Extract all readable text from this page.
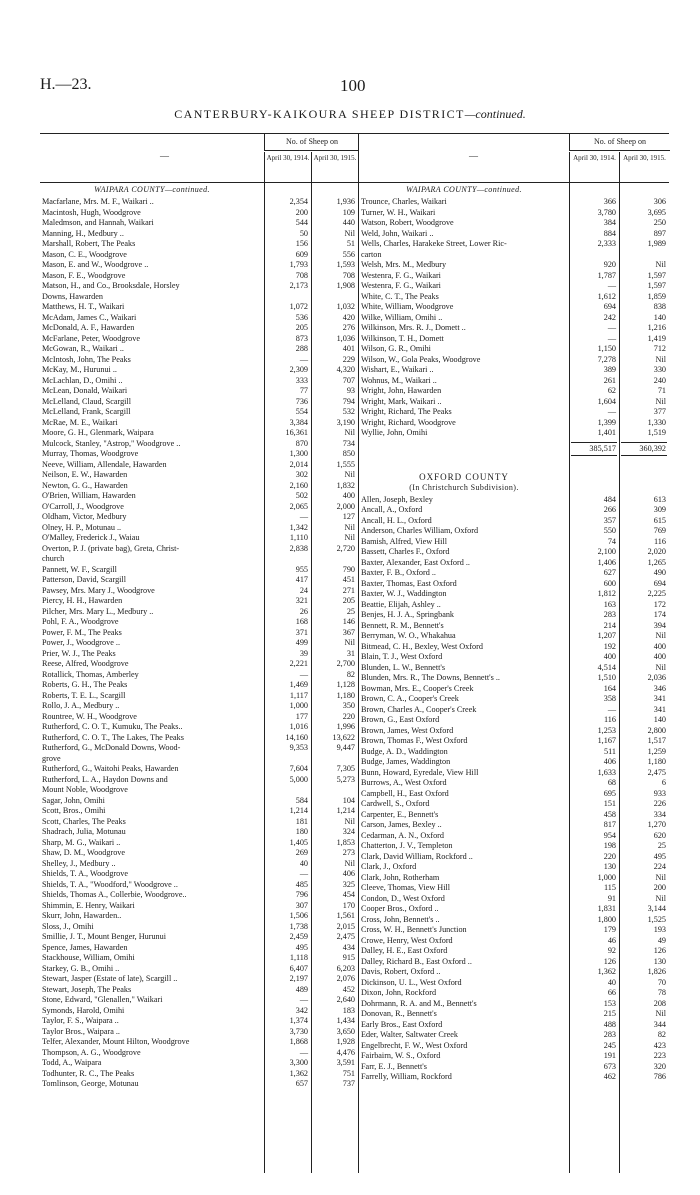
H.—23.	100
CANTERBURY-KAIKOURA SHEEP DISTRICT—continued.
—
No. of Sheep on
April 30, 1914. April 30, 1915.
WAIPARA COUNTY—continued.
Macfarlane, Mrs. M. F., Waikari ..	2,354	1,936
Macintosh, Hugh, Woodgrove	200	109
Maledmson, and Hannah, Waikari	544	440
Manning, H., Medbury ..	50	Nil
Marshall, Robert, The Peaks	156	51
Mason, C. E., Woodgrove	609	556
Mason, E. and W., Woodgrove ..	1,793	1,593
Mason, F. E., Woodgrove	708	708
Matson, H., and Co., Brooksdale, Horsley	2,173	1,908
Downs, Hawarden
Matthews, H. T., Waikari	1,072	1,032
McAdam, James C., Waikari	536	420
McDonald, A. F., Hawarden	205	276
McFarlane, Peter, Woodgrove	873	1,036
McGowan, R., Waikari ..	288	401
McIntosh, John, The Peaks	—	229
McKay, M., Hurunui ..	2,309	4,320
McLachlan, D., Omihi ..	333	707
McLean, Donald, Waikari	77	93
McLelland, Claud, Scargill	736	794
McLelland, Frank, Scargill	554	532
McRae, M. E., Waikari	3,384	3,190
Moore, G. H., Glenmark, Waipara	16,361	Nil
Mulcock, Stanley, "Astrop," Woodgrove ..	870	734
Murray, Thomas, Woodgrove	1,300	850
Neeve, William, Allendale, Hawarden	2,014	1,555
Neilson, E. W., Hawarden	302	Nil
Newton, G. G., Hawarden	2,160	1,832
O'Brien, William, Hawarden	502	400
O'Carroll, J., Woodgrove	2,065	2,000
Oldham, Victor, Medbury	—	127
Olney, H. P., Motunau ..	1,342	Nil
O'Malley, Frederick J., Waiau	1,110	Nil
Overton, P. J. (private bag), Greta, Christ-	2,838	2,720
church
Pannett, W. F., Scargill	955	790
Patterson, David, Scargill	417	451
Pawsey, Mrs. Mary J., Woodgrove	24	271
Piercy, H. H., Hawarden	321	205
Pilcher, Mrs. Mary L., Medbury ..	26	25
Pohl, F. A., Woodgrove	168	146
Power, F. M., The Peaks	371	367
Power, J., Woodgrove ..	499	Nil
Prier, W. J., The Peaks	39	31
Reese, Alfred, Woodgrove	2,221	2,700
Rotallick, Thomas, Amberley	—	82
Roberts, G. H., The Peaks	1,469	1,128
Roberts, T. E. L., Scargill	1,117	1,180
Rollo, J. A., Medbury ..	1,000	350
Rountree, W. H., Woodgrove	177	220
Rutherford, C. O. T., Kumuku, The Peaks..	1,016	1,996
Rutherford, C. O. T., The Lakes, The Peaks	14,160	13,622
Rutherford, G., McDonald Downs, Wood-	9,353	9,447
grove
Rutherford, G., Waitohi Peaks, Hawarden	7,604	7,305
Rutherford, L. A., Haydon Downs and	5,000	5,273
Mount Noble, Woodgrove
Sagar, John, Omihi	584	104
Scott, Bros., Omihi	1,214	1,214
Scott, Charles, The Peaks	181	Nil
Shadrach, Julia, Motunau	180	324
Sharp, M. G., Waikari ..	1,405	1,853
Shaw, D. M., Woodgrove	269	273
Shelley, J., Medbury ..	40	Nil
Shields, T. A., Woodgrove	—	406
Shields, T. A., "Woodford," Woodgrove ..	485	325
Shields, Thomas A., Collerbie, Woodgrove..	796	454
Shimmin, E. Henry, Waikari	307	170
Skurr, John, Hawarden..	1,506	1,561
Sloss, J., Omihi	1,738	2,015
Smillie, J. T., Mount Benger, Hurunui	2,459	2,475
Spence, James, Hawarden	495	434
Stackhouse, William, Omihi	1,118	915
Starkey, G. B., Omihi ..	6,407	6,203
Stewart, Jasper (Estate of late), Scargill ..	2,197	2,076
Stewart, Joseph, The Peaks	489	452
Stone, Edward, "Glenallen," Waikari	—	2,640
Symonds, Harold, Omihi	342	183
Taylor, F. S., Waipara ..	1,374	1,434
Taylor Bros., Waipara ..	3,730	3,650
Telfer, Alexander, Mount Hilton, Woodgrove	1,868	1,928
Thompson, A. G., Woodgrove	—	4,476
Todd, A., Waipara	3,300	3,591
Todhunter, R. C., The Peaks	1,362	751
Tomlinson, George, Motunau	657	737
—
No. of Sheep on
April 30, 1914.	April 30, 1915.
WAIPARA COUNTY—continued.
Trounce, Charles, Waikari	366	306
Turner, W. H., Waikari	3,780	3,695
Watson, Robert, Woodgrove	384	250
Weld, John, Waikari ..	884	897
Wells, Charles, Harakeke Street, Lower Ric-	2,333	1,989
carton
Welsh, Mrs. M., Medbury	920	Nil
Westenra, F. G., Waikari	1,787	1,597
Westenra, F. G., Waikari	—	1,597
White, C. T., The Peaks	1,612	1,859
White, William, Woodgrove	694	838
Wilke, William, Omihi ..	242	140
Wilkinson, Mrs. R. J., Domett ..	—	1,216
Wilkinson, T. H., Domett	—	1,419
Wilson, G. R., Omihi	1,150	712
Wilson, W., Gola Peaks, Woodgrove	7,278	Nil
Wishart, E., Waikari ..	389	330
Wohnus, M., Waikari ..	261	240
Wright, John, Hawarden	62	71
Wright, Mark, Waikari ..	1,604	Nil
Wright, Richard, The Peaks	—	377
Wright, Richard, Woodgrove	1,399	1,330
Wyllie, John, Omihi	1,401	1,519
385,517	360,392
OXFORD COUNTY
(In Christchurch Subdivision).
Allen, Joseph, Bexley	484	613
Ancall, A., Oxford	266	309
Ancall, H. L., Oxford	357	615
Anderson, Charles William, Oxford	550	769
Bamish, Alfred, View Hill	74	116
Bassett, Charles F., Oxford	2,100	2,020
Baxter, Alexander, East Oxford ..	1,406	1,265
Baxter, F. B., Oxford ..	627	490
Baxter, Thomas, East Oxford	600	694
Baxter, W. J., Waddington	1,812	2,225
Beattie, Elijah, Ashley ..	163	172
Benjes, H. J. A., Springbank	283	174
Bennett, R. M., Bennett's	214	394
Berryman, W. O., Whakahua	1,207	Nil
Bitmead, C. H., Bexley, West Oxford	192	400
Blain, T. J., West Oxford	400	400
Blunden, L. W., Bennett's	4,514	Nil
Blunden, Mrs. R., The Downs, Bennett's ..	1,510	2,036
Bowman, Mrs. E., Cooper's Creek	164	346
Brown, C. A., Cooper's Creek	358	341
Brown, Charles A., Cooper's Creek	—	341
Brown, G., East Oxford	116	140
Brown, James, West Oxford	1,253	2,800
Brown, Thomas F., West Oxford	1,167	1,517
Budge, A. D., Waddington	511	1,259
Budge, James, Waddington	406	1,180
Bunn, Howard, Eyredale, View Hill	1,633	2,475
Burrows, A., West Oxford	68	6
Campbell, H., East Oxford	695	933
Cardwell, S., Oxford	151	226
Carpenter, E., Bennett's	458	334
Carson, James, Bexley ..	817	1,270
Cedarman, A. N., Oxford	954	620
Chatterton, J. V., Templeton	198	25
Clark, David William, Rockford ..	220	495
Clark, J., Oxford	130	224
Clark, John, Rotherham	1,000	Nil
Cleeve, Thomas, View Hill	115	200
Condon, D., West Oxford	91	Nil
Cooper Bros., Oxford ..	1,831	3,144
Cross, John, Bennett's ..	1,800	1,525
Cross, W. H., Bennett's Junction	179	193
Crowe, Henry, West Oxford	46	49
Dalley, H. E., East Oxford	92	126
Dalley, Richard B., East Oxford ..	126	130
Davis, Robert, Oxford ..	1,362	1,826
Dickinson, U. L., West Oxford	40	70
Dixon, John, Rockford	66	78
Dohrmann, R. A. and M., Bennett's	153	208
Donovan, R., Bennett's	215	Nil
Early Bros., East Oxford	488	344
Eder, Walter, Saltwater Creek	283	82
Engelbrecht, F. W., West Oxford	245	423
Fairbairn, W. S., Oxford	191	223
Farr, E. J., Bennett's	673	320
Farrelly, William, Rockford	462	786
